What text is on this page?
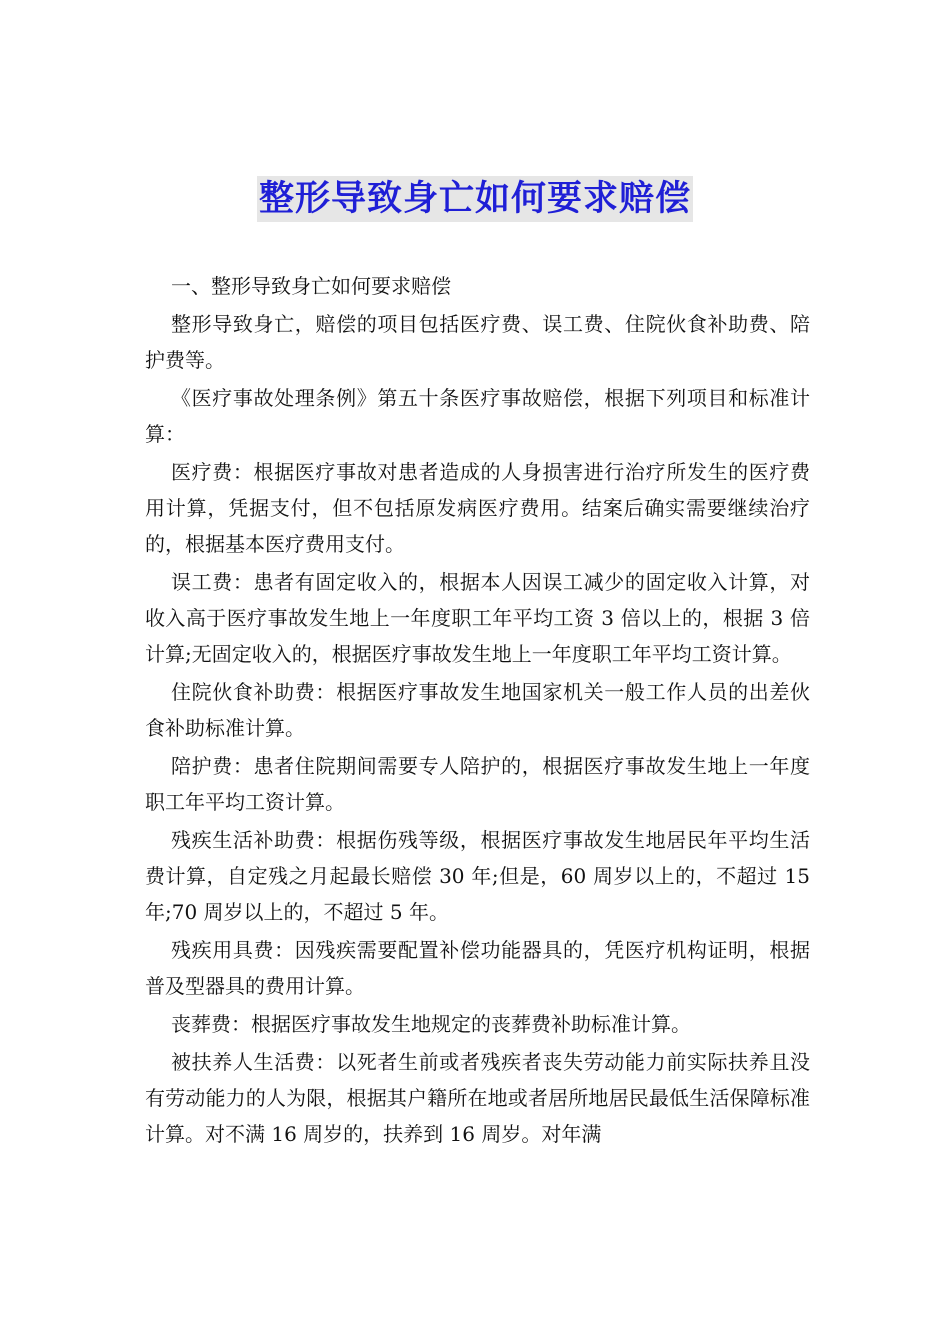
整形导致身亡如何要求赔偿

一、整形导致身亡如何要求赔偿

整形导致身亡，赔偿的项目包括医疗费、误工费、住院伙食补助费、陪护费等。

《医疗事故处理条例》第五十条医疗事故赔偿，根据下列项目和标准计算：

医疗费：根据医疗事故对患者造成的人身损害进行治疗所发生的医疗费用计算，凭据支付，但不包括原发病医疗费用。结案后确实需要继续治疗的，根据基本医疗费用支付。

误工费：患者有固定收入的，根据本人因误工减少的固定收入计算，对收入高于医疗事故发生地上一年度职工年平均工资 3 倍以上的，根据 3 倍计算;无固定收入的，根据医疗事故发生地上一年度职工年平均工资计算。

住院伙食补助费：根据医疗事故发生地国家机关一般工作人员的出差伙食补助标准计算。

陪护费：患者住院期间需要专人陪护的，根据医疗事故发生地上一年度职工年平均工资计算。

残疾生活补助费：根据伤残等级，根据医疗事故发生地居民年平均生活费计算，自定残之月起最长赔偿 30 年;但是，60 周岁以上的，不超过 15 年;70 周岁以上的，不超过 5 年。

残疾用具费：因残疾需要配置补偿功能器具的，凭医疗机构证明，根据普及型器具的费用计算。

丧葬费：根据医疗事故发生地规定的丧葬费补助标准计算。

被扶养人生活费：以死者生前或者残疾者丧失劳动能力前实际扶养且没有劳动能力的人为限，根据其户籍所在地或者居所地居民最低生活保障标准计算。对不满 16 周岁的，扶养到 16 周岁。对年满
